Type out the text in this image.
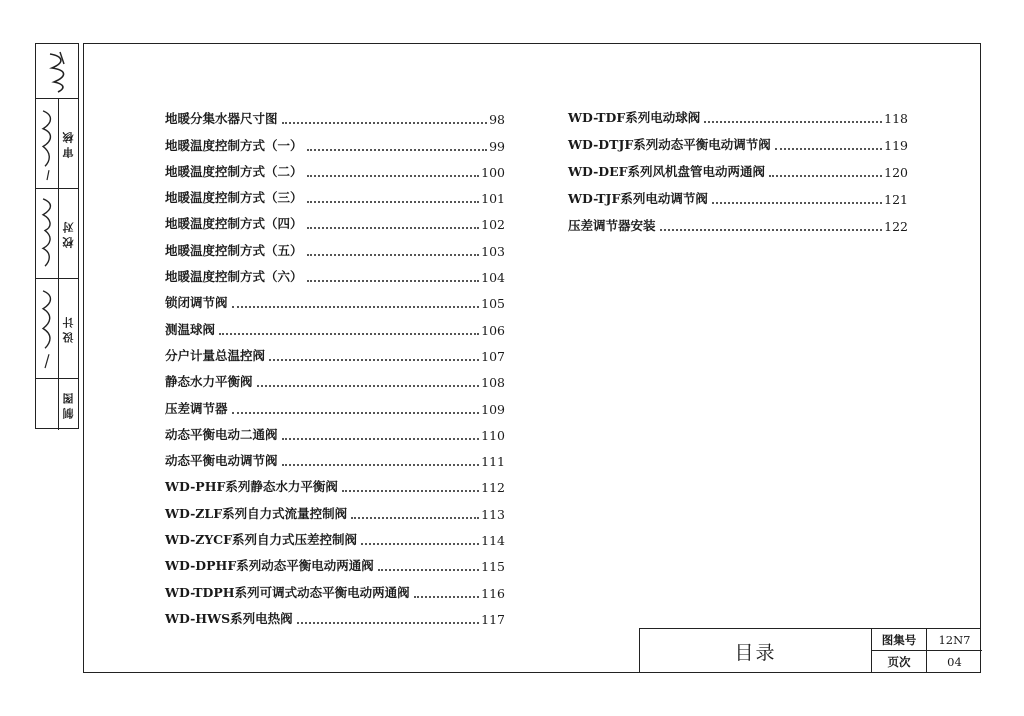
审核
校对
设计
制图
地暖分集水器尺寸图	98
地暖温度控制方式（一）	99
地暖温度控制方式（二）	100
地暖温度控制方式（三）	101
地暖温度控制方式（四）	102
地暖温度控制方式（五）	103
地暖温度控制方式（六）	104
锁闭调节阀	105
测温球阀	106
分户计量总温控阀	107
静态水力平衡阀	108
压差调节器	109
动态平衡电动二通阀	110
动态平衡电动调节阀	111
WD-PHF系列静态水力平衡阀	112
WD-ZLF系列自力式流量控制阀	113
WD-ZYCF系列自力式压差控制阀	114
WD-DPHF系列动态平衡电动两通阀	115
WD-TDPH系列可调式动态平衡电动两通阀	116
WD-HWS系列电热阀	117
WD-TDF系列电动球阀	118
WD-DTJF系列动态平衡电动调节阀	119
WD-DEF系列风机盘管电动两通阀	120
WD-TJF系列电动调节阀	121
压差调节器安装	122
目录
图集号	12N7
页次	04
